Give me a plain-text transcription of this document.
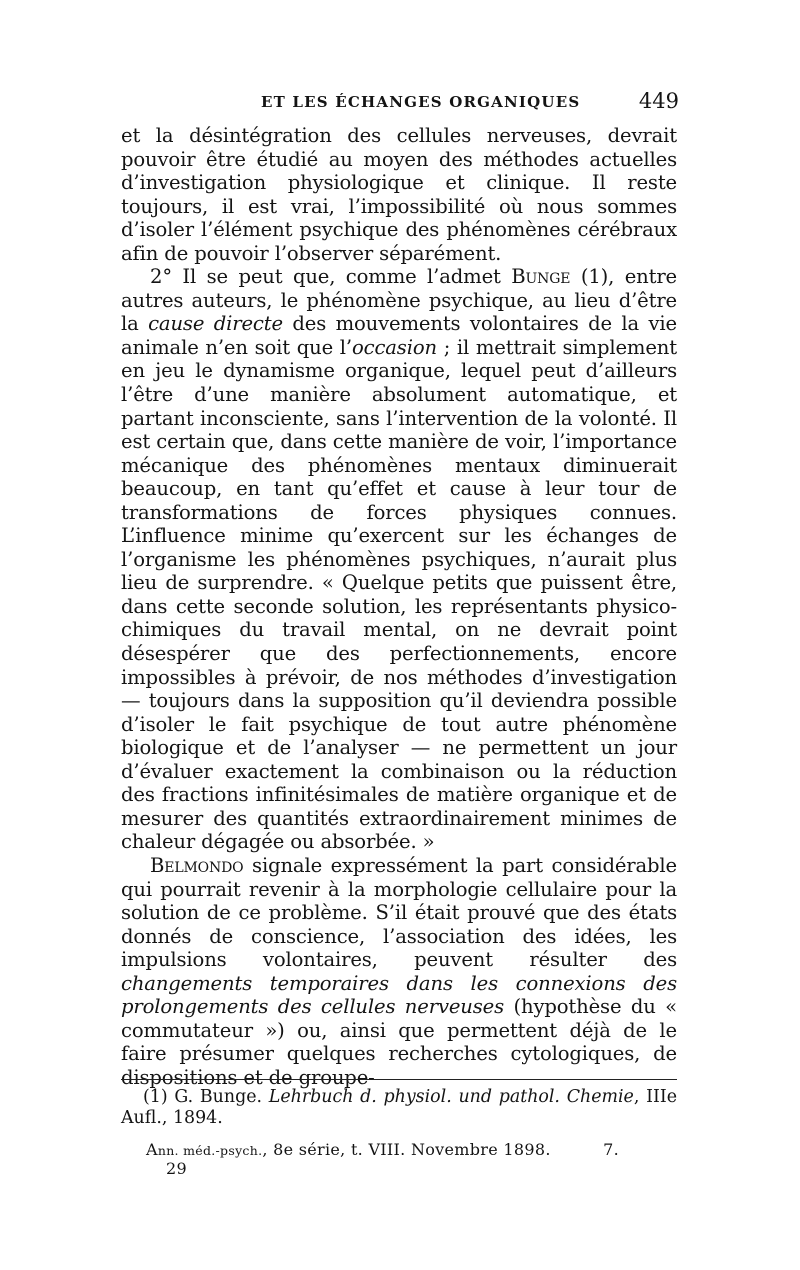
ET LES ÉCHANGES ORGANIQUES	449

et la désintégration des cellules nerveuses, devrait pouvoir être étudié au moyen des méthodes actuelles d’investigation physiologique et clinique. Il reste toujours, il est vrai, l’impossibilité où nous sommes d’isoler l’élément psychique des phénomènes cérébraux afin de pouvoir l’observer séparément.

2° Il se peut que, comme l’admet Bunge (1), entre autres auteurs, le phénomène psychique, au lieu d’être la cause directe des mouvements volontaires de la vie animale n’en soit que l’occasion ; il mettrait simplement en jeu le dynamisme organique, lequel peut d’ailleurs l’être d’une manière absolument automatique, et partant inconsciente, sans l’intervention de la volonté. Il est certain que, dans cette manière de voir, l’importance mécanique des phénomènes mentaux diminuerait beaucoup, en tant qu’effet et cause à leur tour de transformations de forces physiques connues. L’influence minime qu’exercent sur les échanges de l’organisme les phénomènes psychiques, n’aurait plus lieu de surprendre. « Quelque petits que puissent être, dans cette seconde solution, les représentants physico-chimiques du travail mental, on ne devrait point désespérer que des perfectionnements, encore impossibles à prévoir, de nos méthodes d’investigation — toujours dans la supposition qu’il deviendra possible d’isoler le fait psychique de tout autre phénomène biologique et de l’analyser — ne permettent un jour d’évaluer exactement la combinaison ou la réduction des fractions infinitésimales de matière organique et de mesurer des quantités extraordinairement minimes de chaleur dégagée ou absorbée. »

Belmondo signale expressément la part considérable qui pourrait revenir à la morphologie cellulaire pour la solution de ce problème. S’il était prouvé que des états donnés de conscience, l’association des idées, les impulsions volontaires, peuvent résulter des changements temporaires dans les connexions des prolongements des cellules nerveuses (hypothèse du « commutateur ») ou, ainsi que permettent déjà de le faire présumer quelques recherches cytologiques, de dispositions et de groupe-

(1) G. Bunge. Lehrbuch d. physiol. und pathol. Chemie, IIIe Aufl., 1894.
Ann. méd.-psych., 8e série, t. VIII. Novembre 1898.	7. 29
